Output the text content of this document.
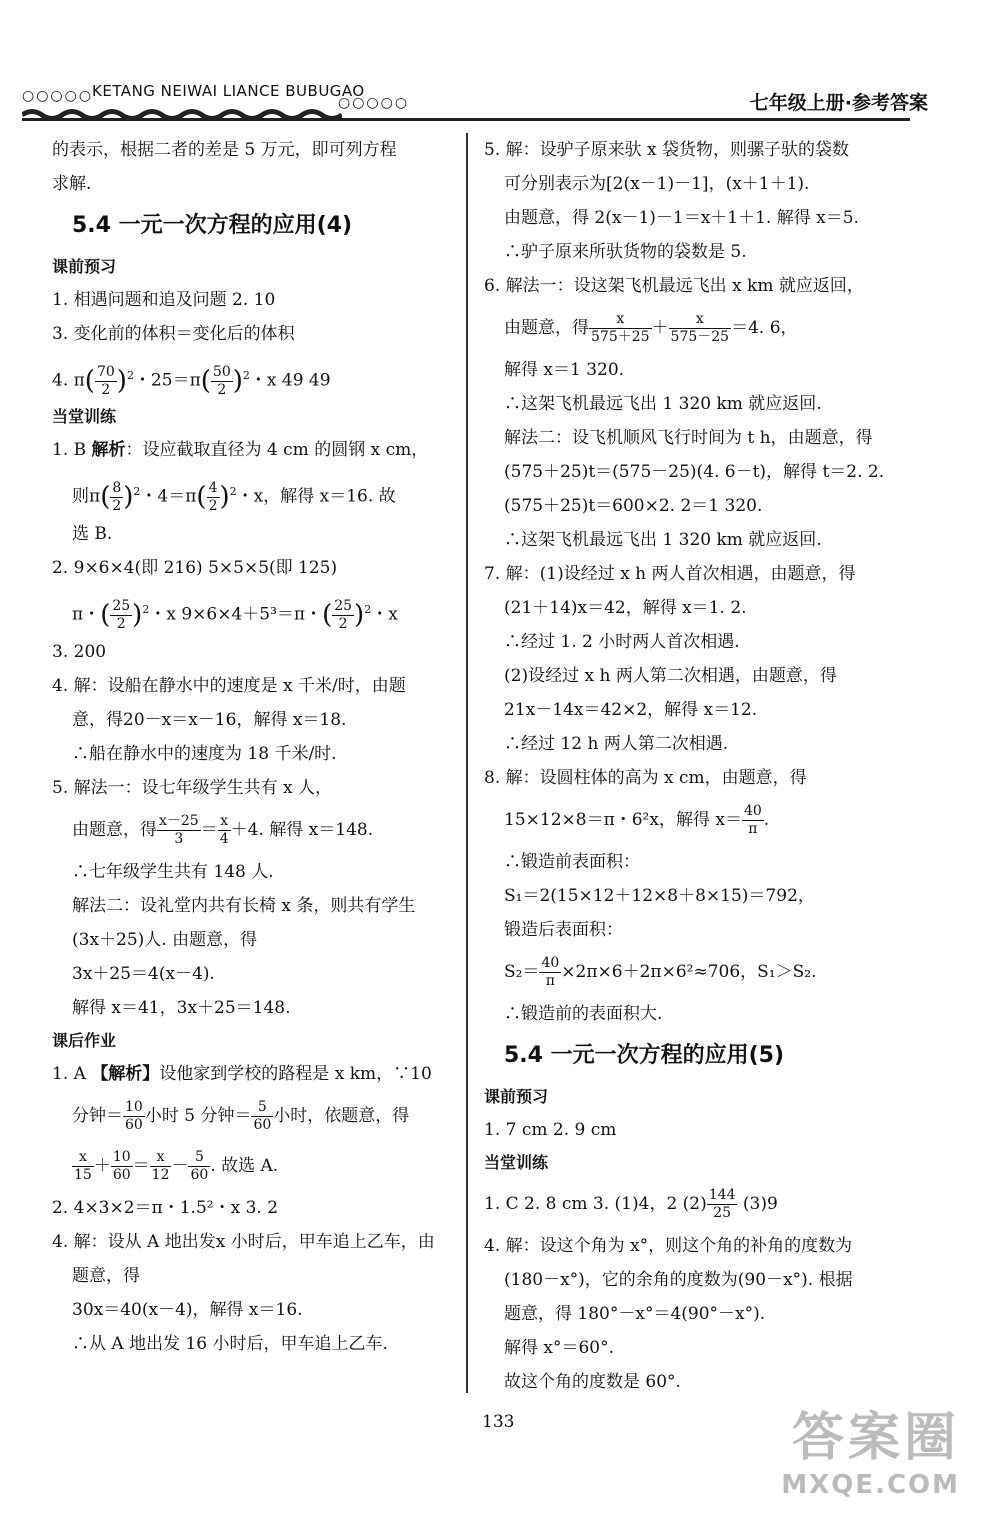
○○○○○
KETANG NEIWAI LIANCE BUBUGAO
○○○○○	七年级上册·参考答案
的表示，根据二者的差是 5 万元，即可列方程
求解.
5.4 一元一次方程的应用(4)
课前预习
1. 相遇问题和追及问题 2. 10
3. 变化前的体积＝变化后的体积
4. $\pi( \frac{70}{2} )^2$・$25=\pi( \frac{50}{2} )^2$・x 49 49
当堂训练
1. B 解析：设应截取直径为 4 cm 的圆钢 x cm，
则$\pi( \frac{8}{2} )^2$・$4=\pi( \frac{4}{2} )^2$・x，解得 x＝16. 故
选 B.
2. 9×6×4(即 216) 5×5×5(即 125)
π・( $\frac{25}{2} )^2$・x 9×6×4＋5³＝π・( $\frac{25}{2} )^2$・x
3. 200
4. 解：设船在静水中的速度是 x 千米/时，由题
意，得20－x＝x－16，解得 x＝18.
∴船在静水中的速度为 18 千米/时.
5. 解法一：设七年级学生共有 x 人，
由题意，得 $\frac{x-25}{3} = \frac{x}{4} +4$. 解得 x＝148.
∴七年级学生共有 148 人.
解法二：设礼堂内共有长椅 x 条，则共有学生
(3x＋25)人. 由题意，得
3x＋25＝4(x－4).
解得 x＝41，3x＋25＝148.
课后作业
1. A 【解析】设他家到学校的路程是 x km，∵10
分钟＝ $\frac{10}{60}$ 小时 5 分钟＝ $\frac{5}{60}$ 小时，依题意，得
$\frac{x}{15} + \frac{10}{60} = \frac{x}{12} - \frac{5}{60}$ . 故选 A.
2. 4×3×2＝π・1.5²・x 3. 2
4. 解：设从 A 地出发x 小时后，甲车追上乙车，由
题意，得
30x＝40(x－4)，解得 x＝16.
∴从 A 地出发 16 小时后，甲车追上乙车.
5. 解：设驴子原来驮 x 袋货物，则骡子驮的袋数
可分别表示为[2(x－1)－1]，(x＋1＋1).
由题意，得 2(x－1)－1＝x＋1＋1. 解得 x＝5.
∴驴子原来所驮货物的袋数是 5.
6. 解法一：设这架飞机最远飞出 x km 就应返回，
由题意，得 $\frac{x}{575+25} + \frac{x}{575-25} =4$. 6，
解得 x＝1 320.
∴这架飞机最远飞出 1 320 km 就应返回.
解法二：设飞机顺风飞行时间为 t h，由题意，得
(575＋25)t＝(575－25)(4. 6－t)，解得 t＝2. 2.
(575＋25)t＝600×2. 2＝1 320.
∴这架飞机最远飞出 1 320 km 就应返回.
7. 解：(1)设经过 x h 两人首次相遇，由题意，得
(21＋14)x＝42，解得 x＝1. 2.
∴经过 1. 2 小时两人首次相遇.
(2)设经过 x h 两人第二次相遇，由题意，得
21x－14x＝42×2，解得 x＝12.
∴经过 12 h 两人第二次相遇.
8. 解：设圆柱体的高为 x cm，由题意，得
15×12×8＝π・6²x，解得 $x= \frac{40}{\pi}$ .
∴锻造前表面积：
S₁＝2(15×12＋12×8＋8×15)＝792，
锻造后表面积：
$S_2= \frac{40}{\pi} \times 2\pi\times 6+2\pi\times 6^2\approx 706$，S₁＞S₂.
∴锻造前的表面积大.
5.4 一元一次方程的应用(5)
课前预习
1. 7 cm 2. 9 cm
当堂训练
1. C 2. 8 cm 3. (1)4，2 $(2) \frac{144}{25} (3)9$
4. 解：设这个角为 x°，则这个角的补角的度数为
(180－x°)，它的余角的度数为(90－x°). 根据
题意，得 180°－x°＝4(90°－x°).
解得 x°＝60°.
故这个角的度数是 60°.
133	答案圈
MXQE.COM
